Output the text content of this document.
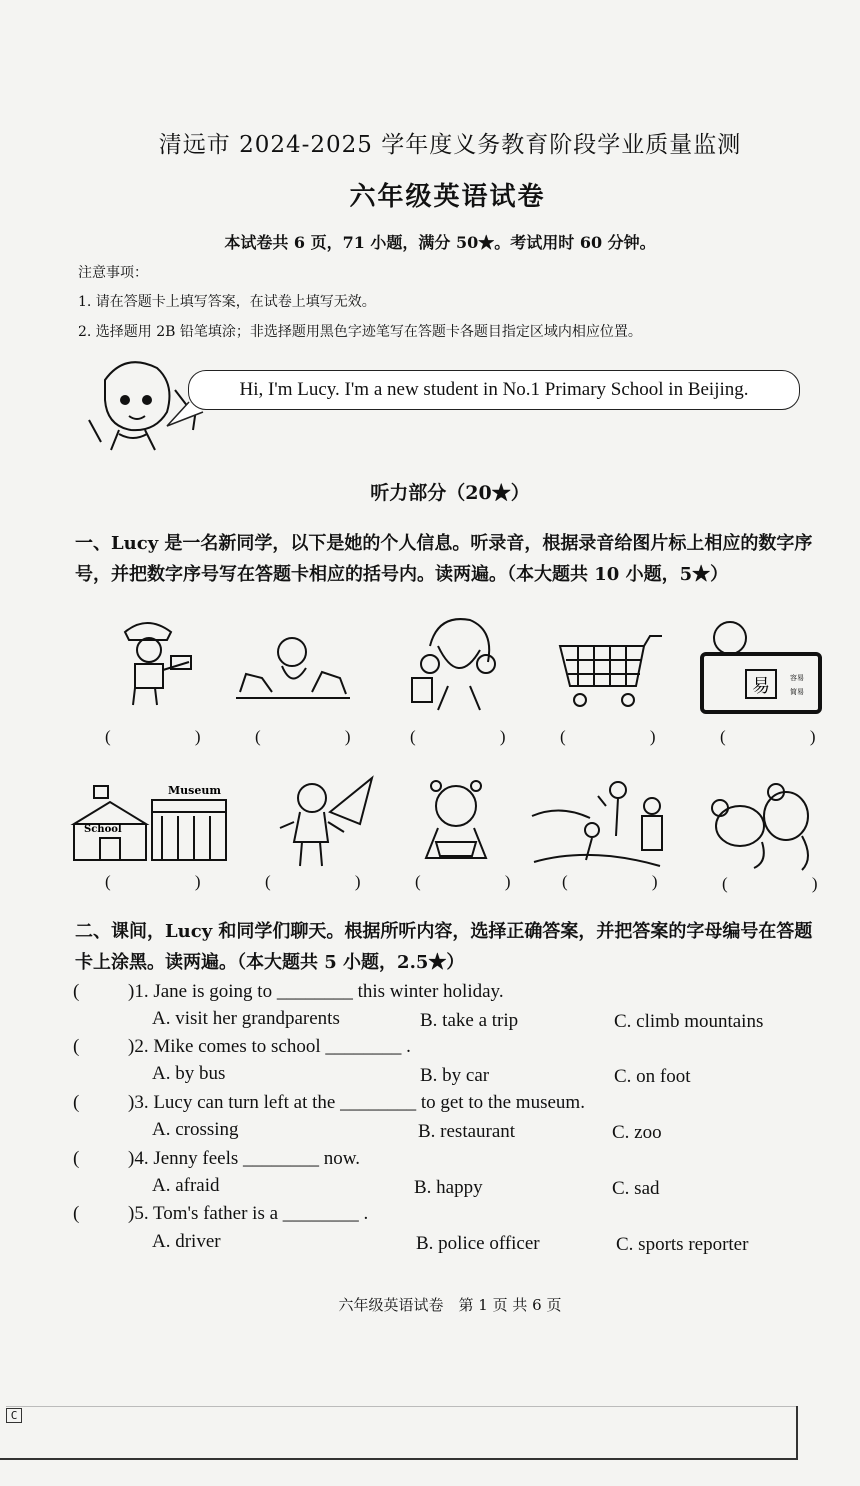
清远市 2024-2025 学年度义务教育阶段学业质量监测
六年级英语试卷
本试卷共 6 页，71 小题，满分 50★。考试用时 60 分钟。
注意事项：
1. 请在答题卡上填写答案，在试卷上填写无效。
2. 选择题用 2B 铅笔填涂；非选择题用黑色字迹笔写在答题卡各题目指定区域内相应位置。
Hi, I'm Lucy. I'm a new student in No.1 Primary School in Beijing.
听力部分（20★）
一、Lucy 是一名新同学，以下是她的个人信息。听录音，根据录音给图片标上相应的数字序号，并把数字序号写在答题卡相应的括号内。读两遍。（本大题共 10 小题，5★）
易	容易
简易
( ) ( ) ( ) ( ) ( )
School
Museum
( ) ( ) ( ) ( ) ( )
二、课间，Lucy 和同学们聊天。根据所听内容，选择正确答案，并把答案的字母编号在答题卡上涂黑。读两遍。（本大题共 5 小题，2.5★）
(	)1. Jane is going to ________ this winter holiday.
A. visit her grandparents	B. take a trip	C. climb mountains
(	)2. Mike comes to school ________ .
A. by bus	B. by car	C. on foot
(	)3. Lucy can turn left at the ________ to get to the museum.
A. crossing	B. restaurant	C. zoo
(	)4. Jenny feels ________ now.
A. afraid	B. happy	C. sad
(	)5. Tom's father is a ________ .
A. driver	B. police officer	C. sports reporter
六年级英语试卷　第 1 页 共 6 页
C
